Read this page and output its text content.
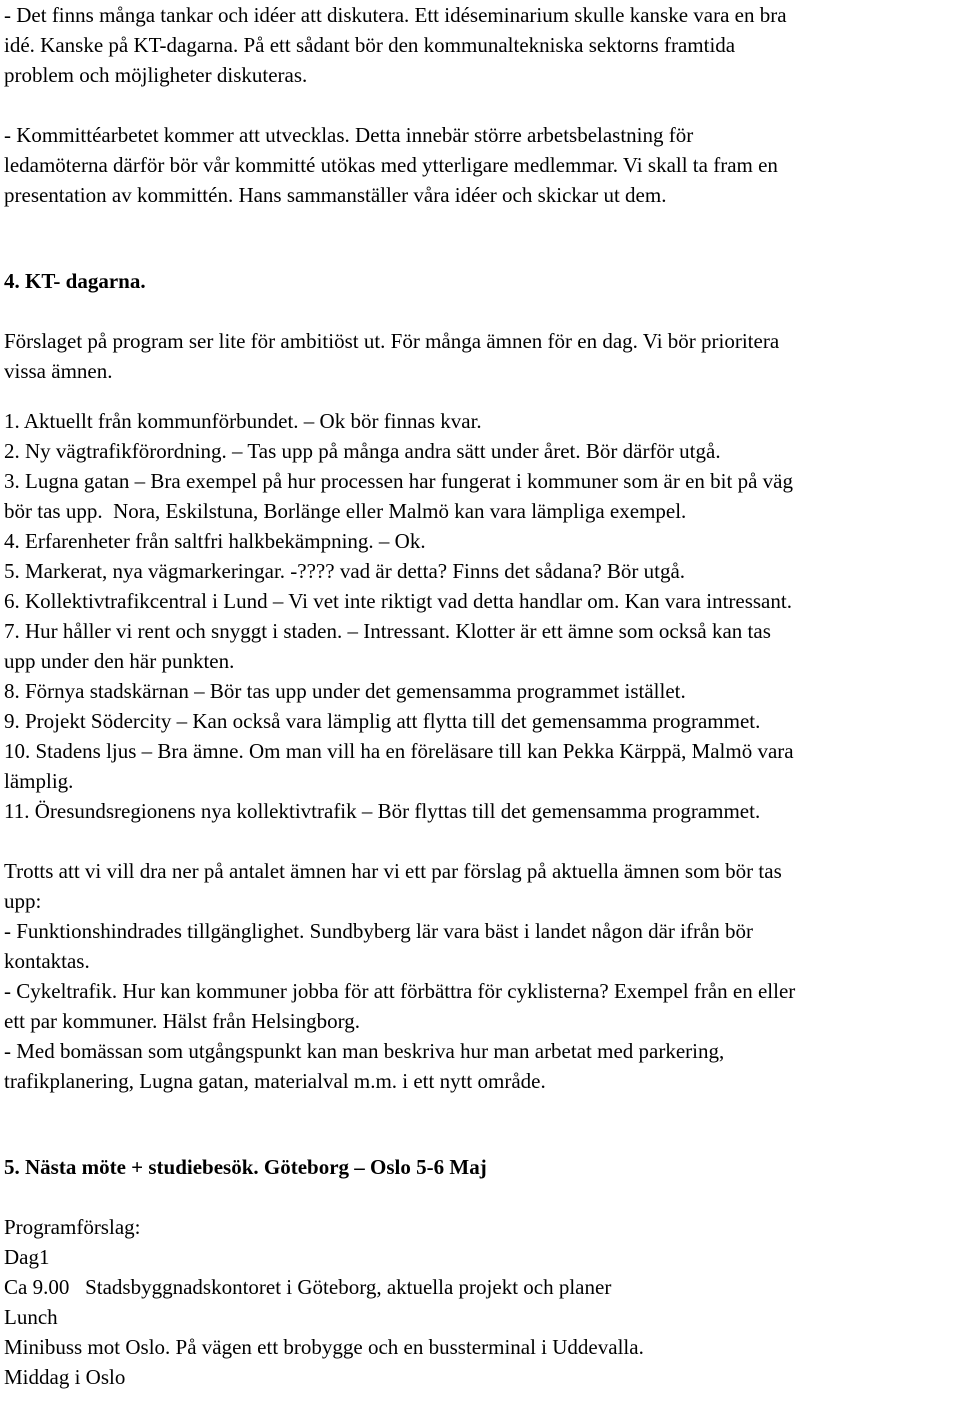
- Det finns många tankar och idéer att diskutera. Ett idéseminarium skulle kanske vara en bra

idé. Kanske på KT-dagarna. På ett sådant bör den kommunaltekniska sektorns framtida

problem och möjligheter diskuteras.

- Kommittéarbetet kommer att utvecklas. Detta innebär större arbetsbelastning för

ledamöterna därför bör vår kommitté utökas med ytterligare medlemmar. Vi skall ta fram en

presentation av kommittén. Hans sammanställer våra idéer och skickar ut dem.

4. KT- dagarna.

Förslaget på program ser lite för ambitiöst ut. För många ämnen för en dag. Vi bör prioritera

vissa ämnen.

1. Aktuellt från kommunförbundet. – Ok bör finnas kvar.

2. Ny vägtrafikförordning. – Tas upp på många andra sätt under året. Bör därför utgå.

3. Lugna gatan – Bra exempel på hur processen har fungerat i kommuner som är en bit på väg

bör tas upp.  Nora, Eskilstuna, Borlänge eller Malmö kan vara lämpliga exempel.

4. Erfarenheter från saltfri halkbekämpning. – Ok.

5. Markerat, nya vägmarkeringar. -???? vad är detta? Finns det sådana? Bör utgå.

6. Kollektivtrafikcentral i Lund – Vi vet inte riktigt vad detta handlar om. Kan vara intressant.

7. Hur håller vi rent och snyggt i staden. – Intressant. Klotter är ett ämne som också kan tas

upp under den här punkten.

8. Förnya stadskärnan – Bör tas upp under det gemensamma programmet istället.

9. Projekt Södercity – Kan också vara lämplig att flytta till det gemensamma programmet.

10. Stadens ljus – Bra ämne. Om man vill ha en föreläsare till kan Pekka Kärppä, Malmö vara

lämplig.

11. Öresundsregionens nya kollektivtrafik – Bör flyttas till det gemensamma programmet.

Trotts att vi vill dra ner på antalet ämnen har vi ett par förslag på aktuella ämnen som bör tas

upp:

- Funktionshindrades tillgänglighet. Sundbyberg lär vara bäst i landet någon där ifrån bör

kontaktas.

- Cykeltrafik. Hur kan kommuner jobba för att förbättra för cyklisterna? Exempel från en eller

ett par kommuner. Hälst från Helsingborg.

- Med bomässan som utgångspunkt kan man beskriva hur man arbetat med parkering,

trafikplanering, Lugna gatan, materialval m.m. i ett nytt område.

5. Nästa möte + studiebesök. Göteborg – Oslo 5-6 Maj

Programförslag:

Dag1

Ca 9.00   Stadsbyggnadskontoret i Göteborg, aktuella projekt och planer

Lunch

Minibuss mot Oslo. På vägen ett brobygge och en bussterminal i Uddevalla.

Middag i Oslo
